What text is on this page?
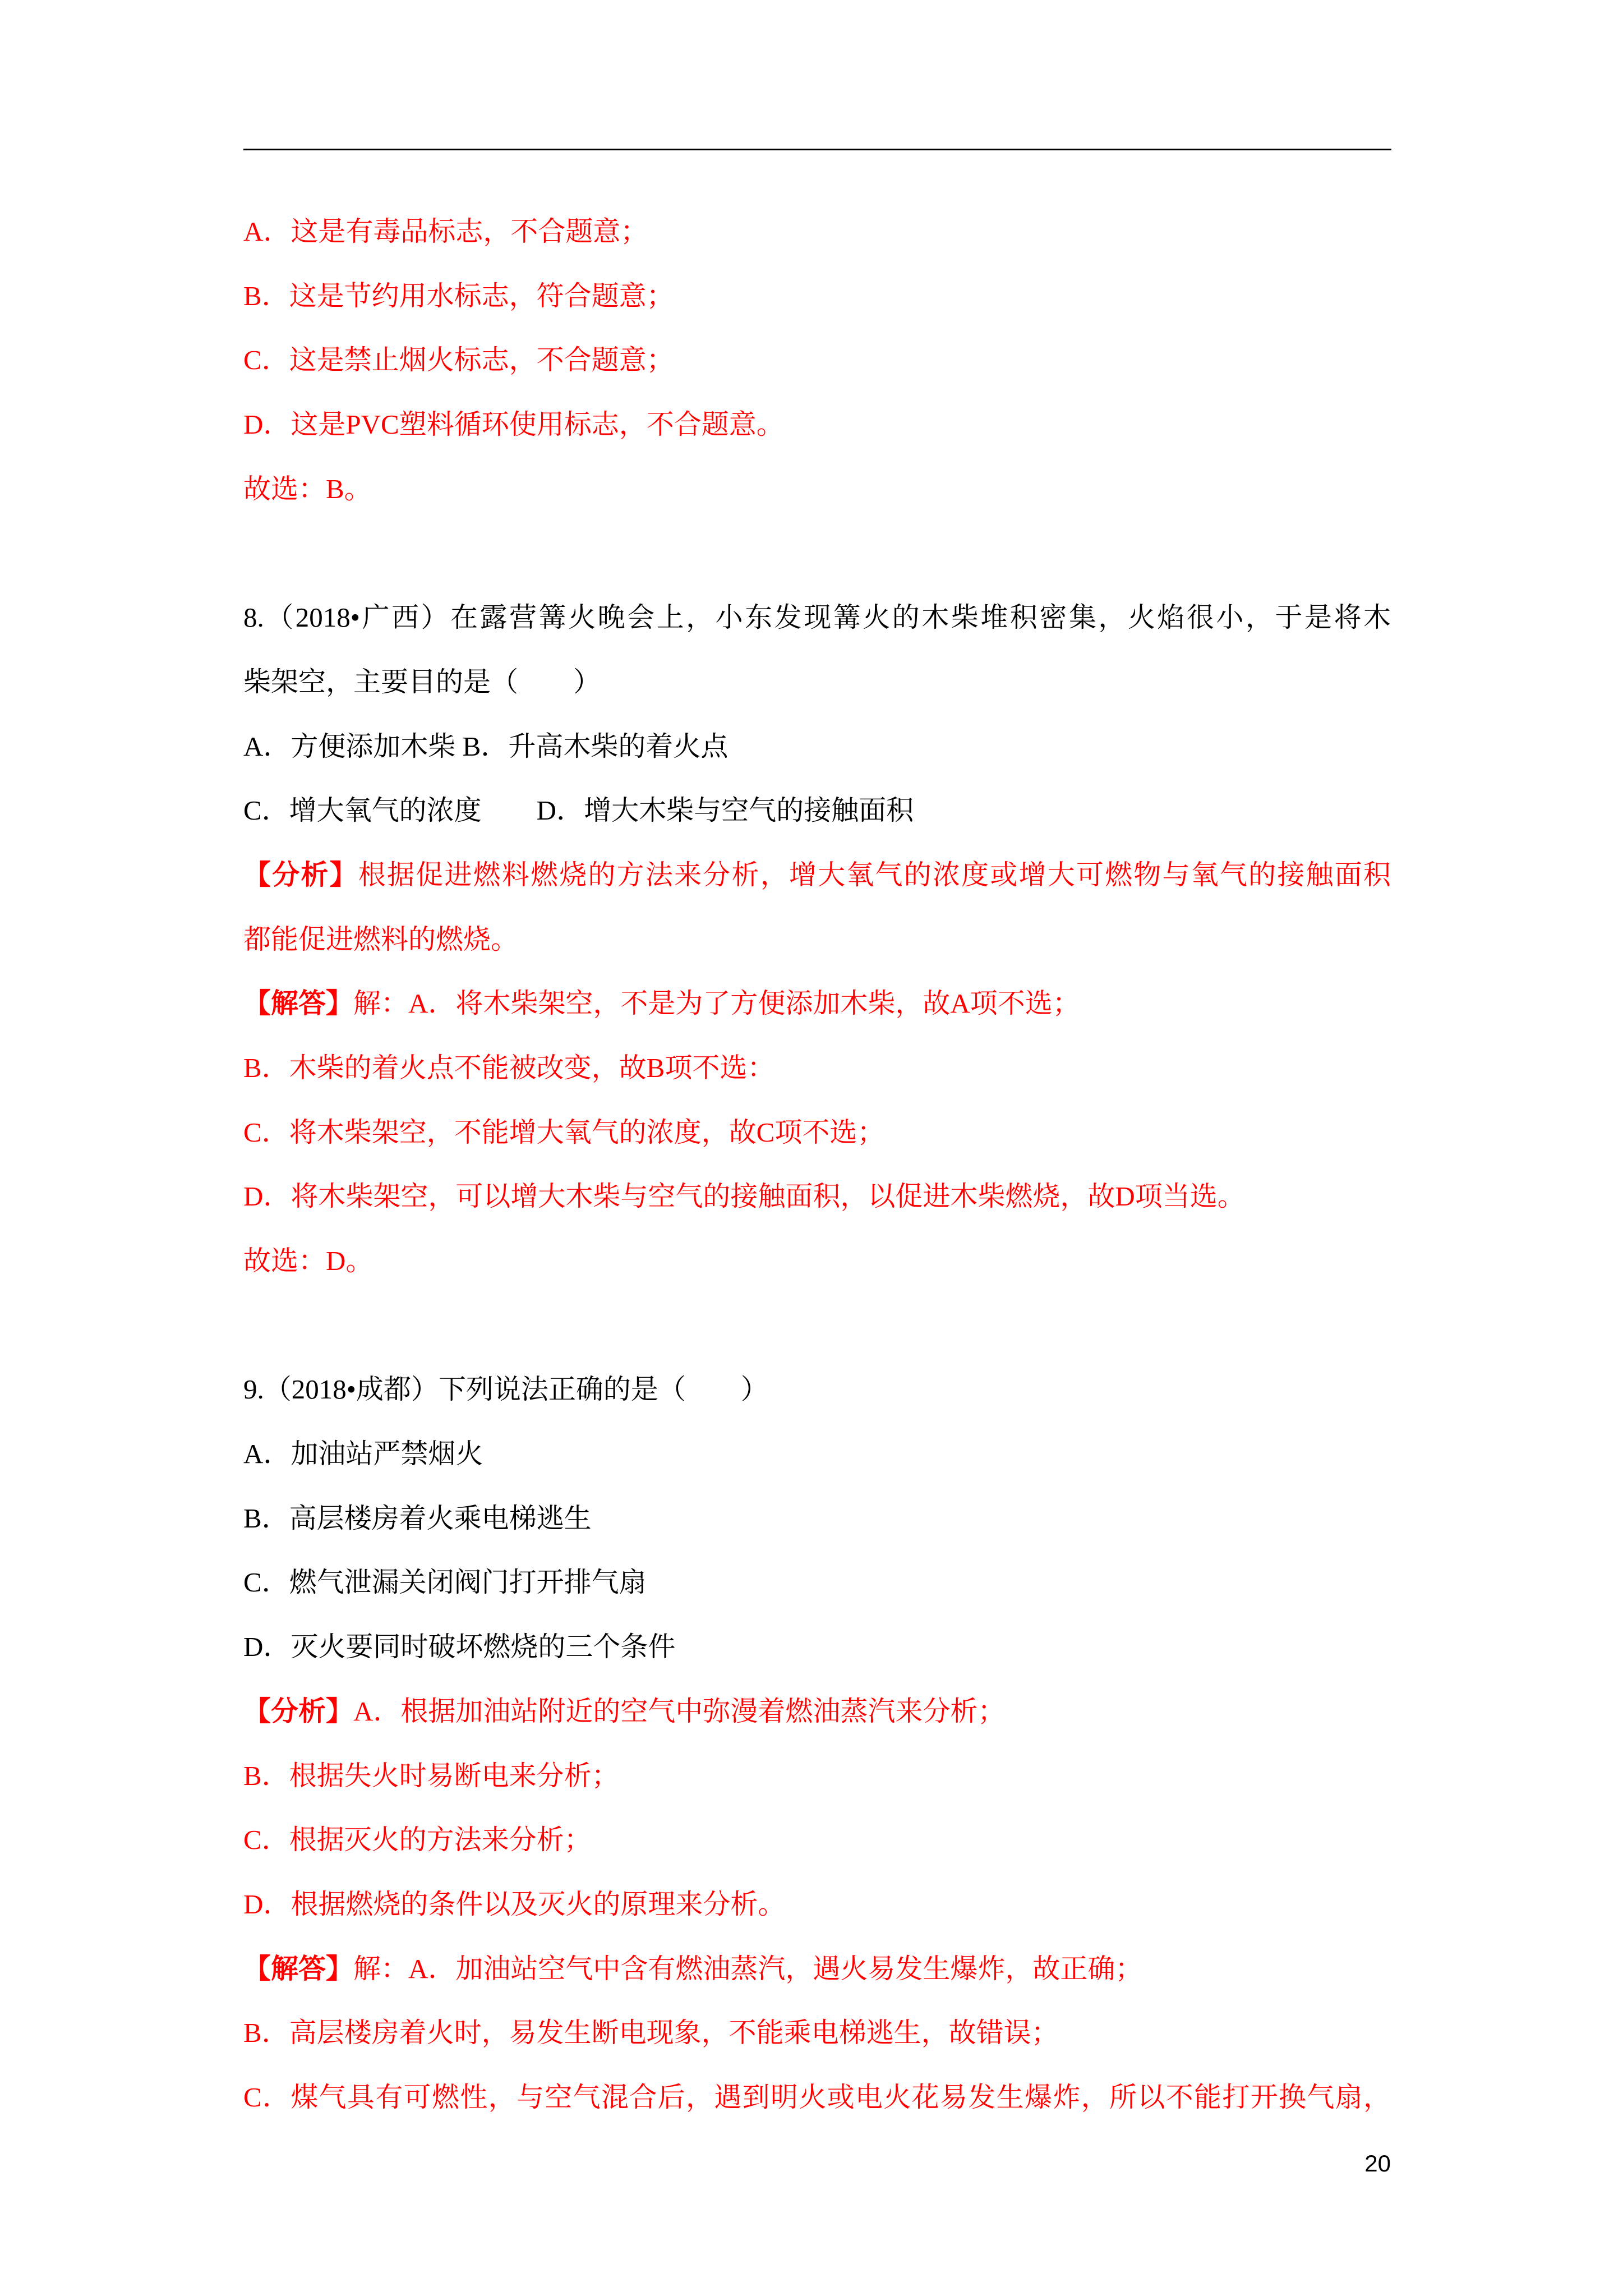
A．这是有毒品标志，不合题意；
B．这是节约用水标志，符合题意；
C．这是禁止烟火标志，不合题意；
D．这是PVC塑料循环使用标志，不合题意。
故选：B。
8.（2018•广西）在露营篝火晚会上，小东发现篝火的木柴堆积密集，火焰很小，于是将木
柴架空，主要目的是（　　）
A．方便添加木柴 B．升高木柴的着火点
C．增大氧气的浓度　　D．增大木柴与空气的接触面积
【分析】根据促进燃料燃烧的方法来分析，增大氧气的浓度或增大可燃物与氧气的接触面积
都能促进燃料的燃烧。
【解答】解：A．将木柴架空，不是为了方便添加木柴，故A项不选；
B．木柴的着火点不能被改变，故B项不选：
C．将木柴架空，不能增大氧气的浓度，故C项不选；
D．将木柴架空，可以增大木柴与空气的接触面积，以促进木柴燃烧，故D项当选。
故选：D。
9.（2018•成都）下列说法正确的是（　　）
A．加油站严禁烟火
B．高层楼房着火乘电梯逃生
C．燃气泄漏关闭阀门打开排气扇
D．灭火要同时破坏燃烧的三个条件
【分析】A．根据加油站附近的空气中弥漫着燃油蒸汽来分析；
B．根据失火时易断电来分析；
C．根据灭火的方法来分析；
D．根据燃烧的条件以及灭火的原理来分析。
【解答】解：A．加油站空气中含有燃油蒸汽，遇火易发生爆炸，故正确；
B．高层楼房着火时，易发生断电现象，不能乘电梯逃生，故错误；
C．煤气具有可燃性，与空气混合后，遇到明火或电火花易发生爆炸，所以不能打开换气扇，
20
